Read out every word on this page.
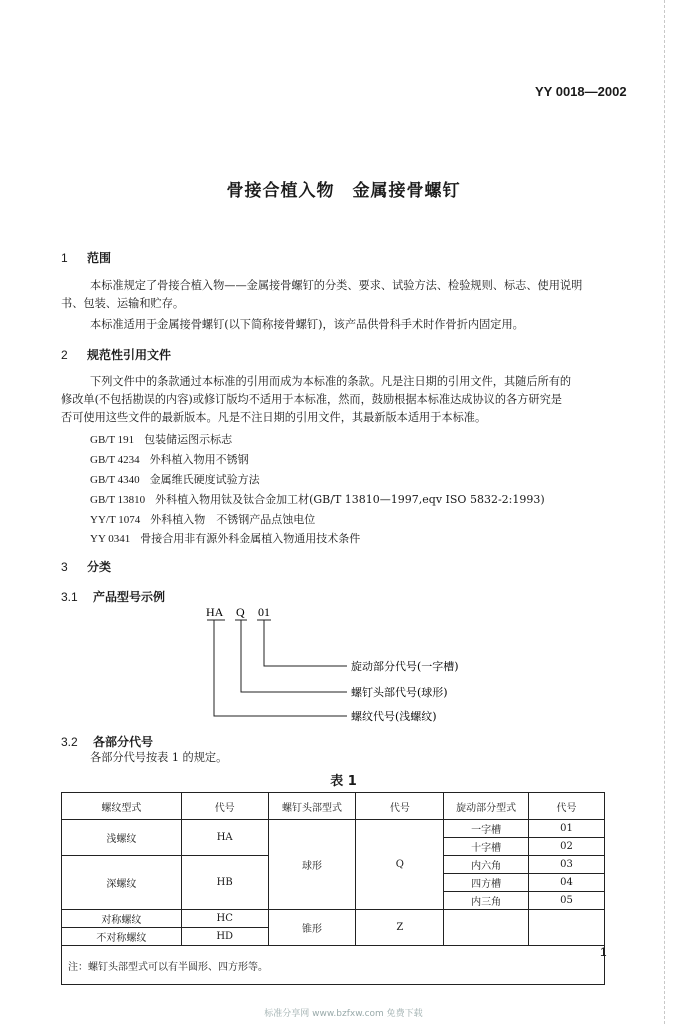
YY 0018—2002
骨接合植入物　金属接骨螺钉
1 范围
本标准规定了骨接合植入物——金属接骨螺钉的分类、要求、试验方法、检验规则、标志、使用说明
书、包装、运输和贮存。
本标准适用于金属接骨螺钉(以下简称接骨螺钉)，该产品供骨科手术时作骨折内固定用。
2 规范性引用文件
下列文件中的条款通过本标准的引用而成为本标准的条款。凡是注日期的引用文件，其随后所有的
修改单(不包括勘误的内容)或修订版均不适用于本标准，然而，鼓励根据本标准达成协议的各方研究是
否可使用这些文件的最新版本。凡是不注日期的引用文件，其最新版本适用于本标准。
GB/T 191 包装储运图示标志
GB/T 4234 外科植入物用不锈钢
GB/T 4340 金属维氏硬度试验方法
GB/T 13810 外科植入物用钛及钛合金加工材(GB/T 13810—1997,eqv ISO 5832-2:1993)
YY/T 1074 外科植入物　不锈钢产品点蚀电位
YY 0341 骨接合用非有源外科金属植入物通用技术条件
3 分类
3.1 产品型号示例
HA Q 01
旋动部分代号(一字槽)
螺钉头部代号(球形)
螺纹代号(浅螺纹)
3.2 各部分代号
各部分代号按表 1 的规定。
表 1
螺纹型式	代号	螺钉头部型式	代号	旋动部分型式	代号
浅螺纹	HA	球形	Q	一字槽	01
				十字槽	02
深螺纹	HB			内六角	03
				四方槽	04
				内三角	05
对称螺纹	HC	锥形	Z		

不对称螺纹	HD				

注：螺钉头部型式可以有半圆形、四方形等。					
1
标准分享网 www.bzfxw.com 免费下载
